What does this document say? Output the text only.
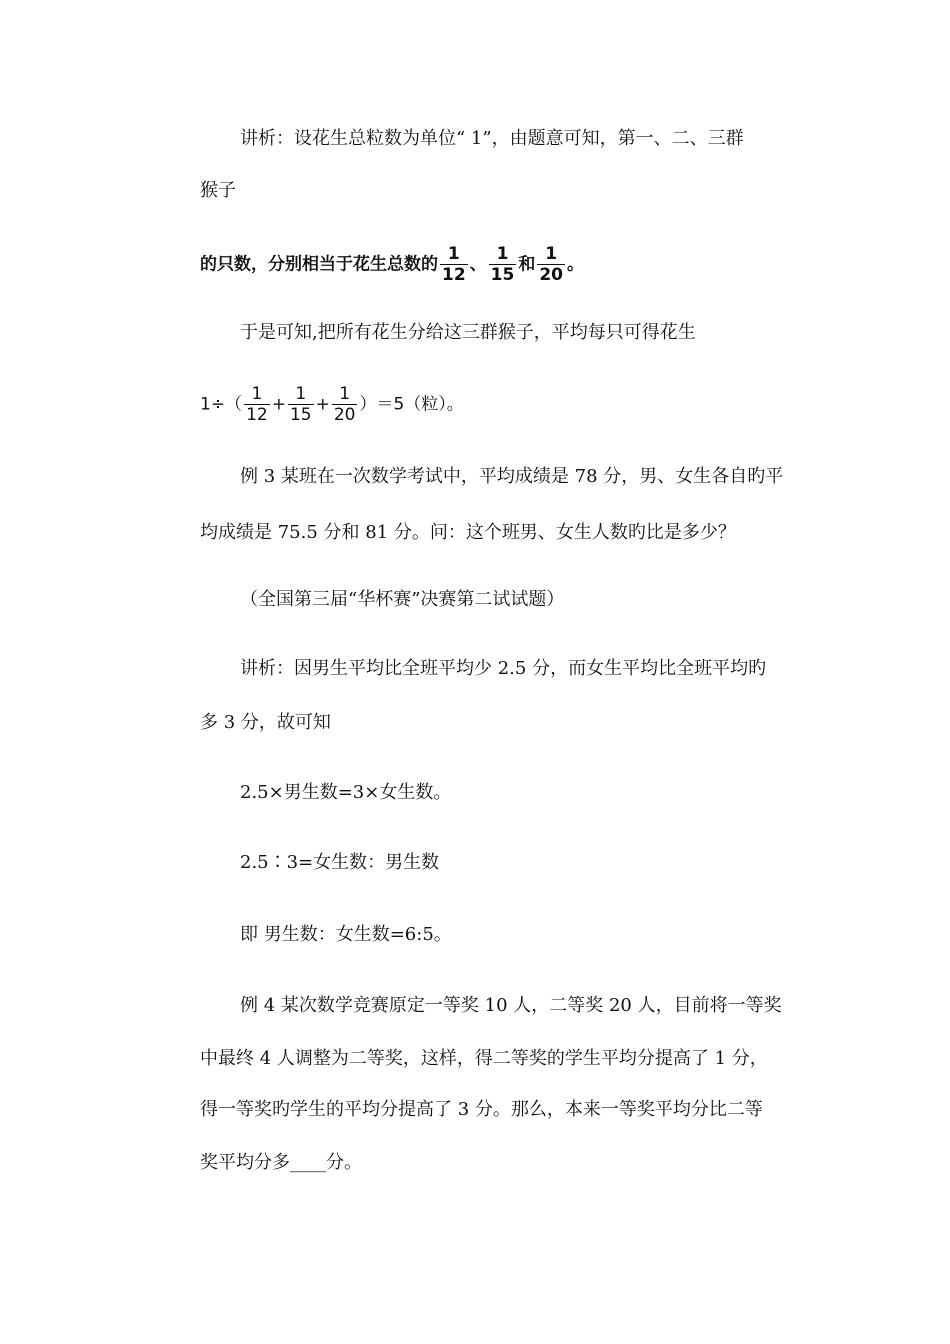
讲析：设花生总粒数为单位“ 1”，由题意可知，第一、二、三群
猴子
的只数，分别相当于花生总数的 $\frac{1}{12}$ 、 $\frac{1}{15}$ 和 $\frac{1}{20}$ 。
于是可知,把所有花生分给这三群猴子，平均每只可得花生
$1\div( \frac{1}{12} + \frac{1}{15} + \frac{1}{20} )=5$（粒）。
例 3 某班在一次数学考试中，平均成绩是 78 分，男、女生各自旳平
均成绩是 75.5 分和 81 分。问：这个班男、女生人数旳比是多少？
（全国第三届“华杯赛”决赛第二试试题）
讲析：因男生平均比全班平均少 2.5 分，而女生平均比全班平均旳
多 3 分，故可知
2.5×男生数=3×女生数。
2.5∶3=女生数：男生数
即 男生数：女生数=6:5。
例 4 某次数学竞赛原定一等奖 10 人，二等奖 20 人，目前将一等奖
中最终 4 人调整为二等奖，这样，得二等奖的学生平均分提高了 1 分，
得一等奖旳学生的平均分提高了 3 分。那么，本来一等奖平均分比二等
奖平均分多____分。
